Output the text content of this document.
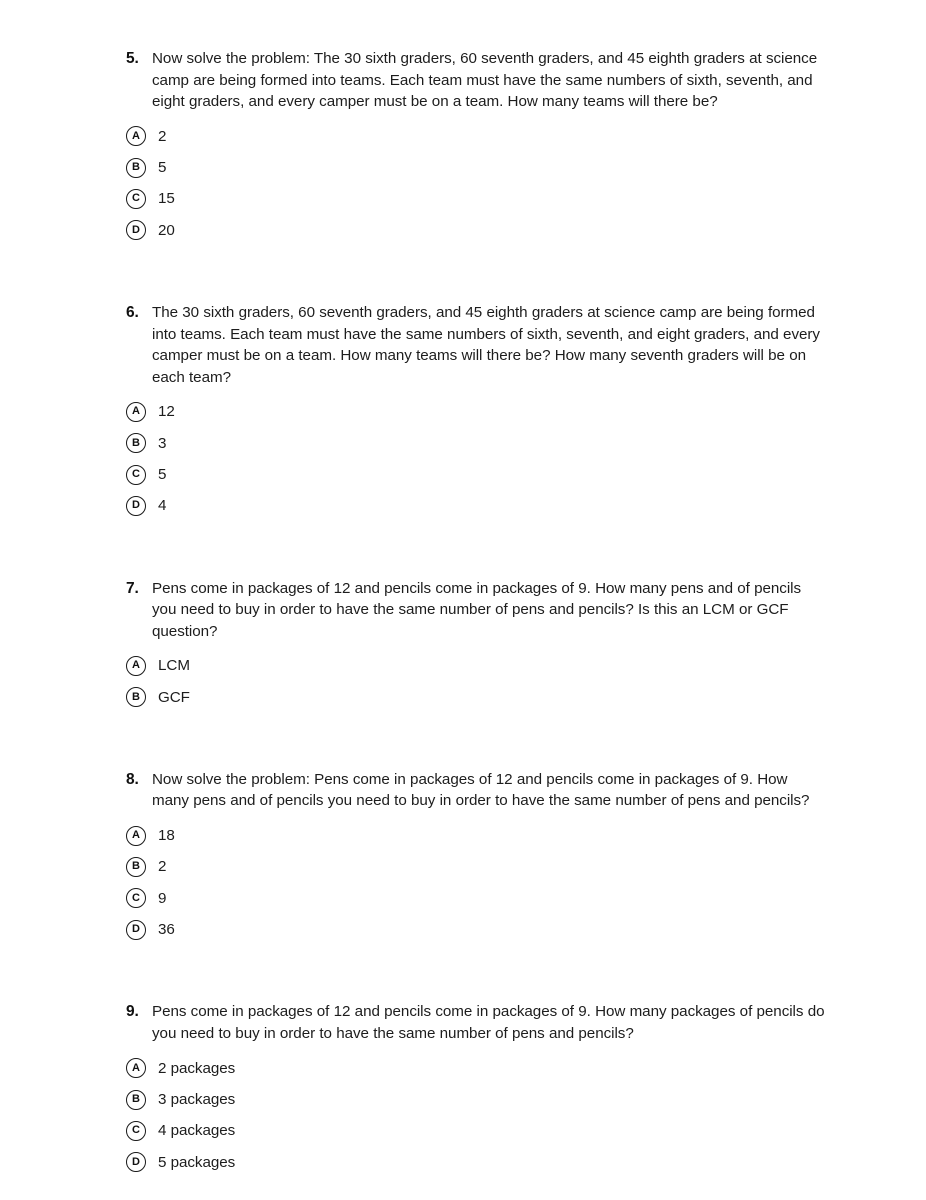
5. Now solve the problem: The 30 sixth graders, 60 seventh graders, and 45 eighth graders at science camp are being formed into teams. Each team must have the same numbers of sixth, seventh, and eight graders, and every camper must be on a team. How many teams will there be?
A	2
B	5
C	15
D	20
6. The 30 sixth graders, 60 seventh graders, and 45 eighth graders at science camp are being formed into teams. Each team must have the same numbers of sixth, seventh, and eight graders, and every camper must be on a team. How many teams will there be? How many seventh graders will be on each team?
A	12
B	3
C	5
D	4
7. Pens come in packages of 12 and pencils come in packages of 9. How many pens and of pencils you need to buy in order to have the same number of pens and pencils? Is this an LCM or GCF question?
A	LCM
B	GCF
8. Now solve the problem: Pens come in packages of 12 and pencils come in packages of 9. How many pens and of pencils you need to buy in order to have the same number of pens and pencils?
A	18
B	2
C	9
D	36
9. Pens come in packages of 12 and pencils come in packages of 9. How many packages of pencils do you need to buy in order to have the same number of pens and pencils?
A	2 packages
B	3 packages
C	4 packages
D	5 packages
